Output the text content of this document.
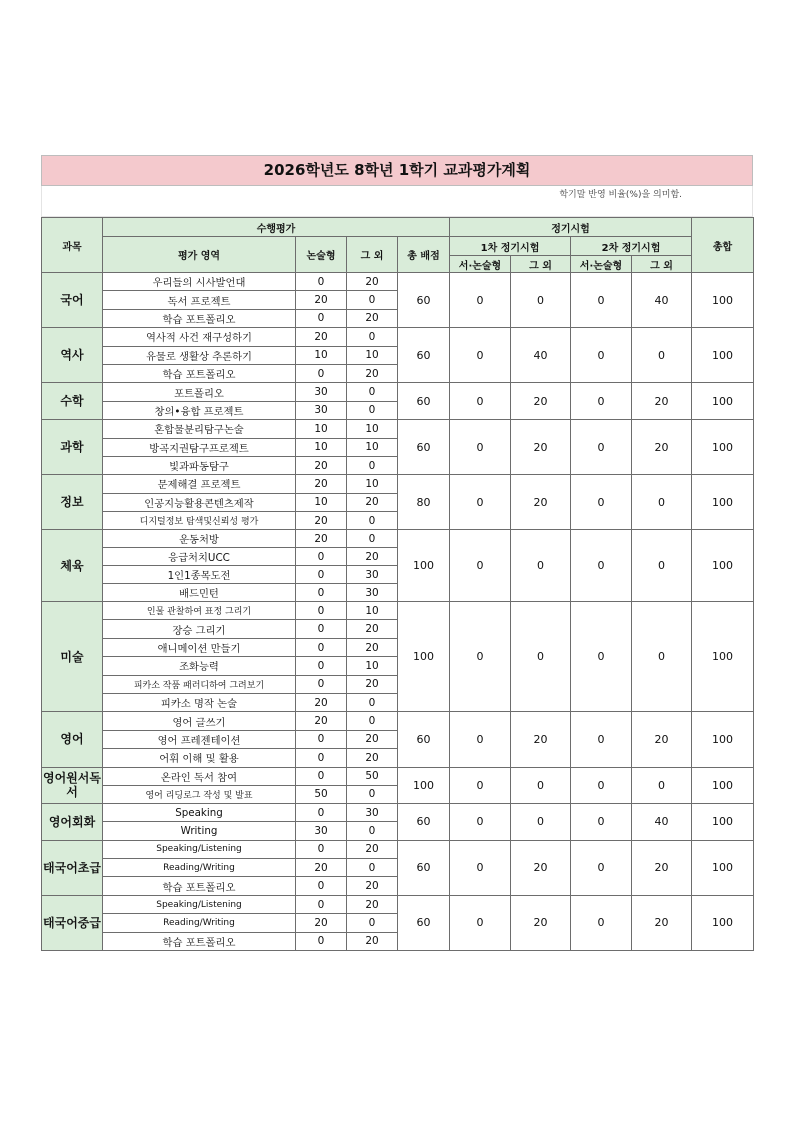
2026학년도 8학년 1학기 교과평가계획
학기말 반영 비율(%)을 의미함.
과목	수행평가				정기시험				총합
	평가 영역	논술형	그 외	총 배점	1차 정기시험		2차 정기시험		
					서·논술형	그 외	서·논술형	그 외	
국어	우리들의 시사발언대	0	20	60	0	0	0	40	100
	독서 프로젝트	20	0						
	학습 포트폴리오	0	20						
역사	역사적 사건 재구성하기	20	0	60	0	40	0	0	100
	유물로 생활상 추론하기	10	10						
	학습 포트폴리오	0	20						
수학	포트폴리오	30	0	60	0	20	0	20	100
	창의•융합 프로젝트	30	0						
과학	혼합물분리탐구논술	10	10	60	0	20	0	20	100
	방곡지권탐구프로젝트	10	10						
	빛과파동탐구	20	0						
정보	문제해결 프로젝트	20	10	80	0	20	0	0	100
	인공지능활용콘텐츠제작	10	20						
	디지털정보 탐색및신뢰성 평가	20	0						
체육	운동처방	20	0	100	0	0	0	0	100
	응급처치UCC	0	20						
	1인1종목도전	0	30						
	배드민턴	0	30						
미술	인물 관찰하여 표정 그리기	0	10	100	0	0	0	0	100
	장승 그리기	0	20						
	애니메이션 만들기	0	20						
	조화능력	0	10						
	피카소 작품 패러디하여 그려보기	0	20						
	피카소 명작 논술	20	0						
영어	영어 글쓰기	20	0	60	0	20	0	20	100
	영어 프레젠테이션	0	20						
	어휘 이해 및 활용	0	20						
영어원서독서	온라인 독서 참여	0	50	100	0	0	0	0	100
	영어 리딩로그 작성 및 발표	50	0						
영어회화	Speaking	0	30	60	0	0	0	40	100
	Writing	30	0						
태국어초급	Speaking/Listening	0	20	60	0	20	0	20	100
	Reading/Writing	20	0						
	학습 포트폴리오	0	20						
태국어중급	Speaking/Listening	0	20	60	0	20	0	20	100
	Reading/Writing	20	0						
	학습 포트폴리오	0	20						
